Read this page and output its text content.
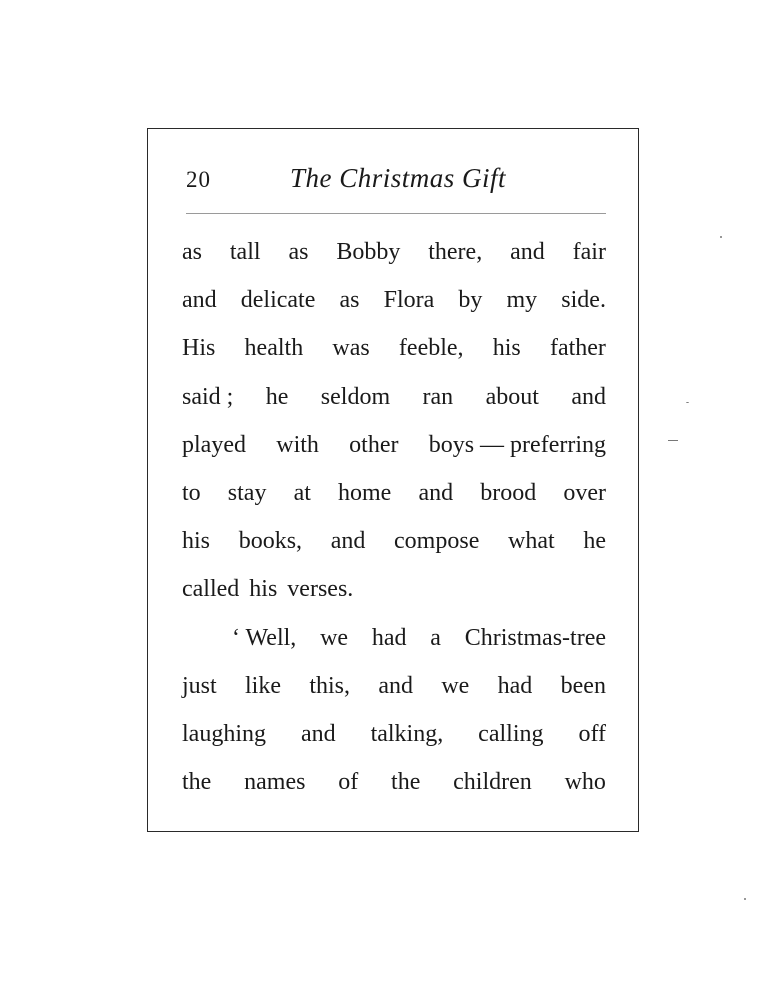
20	The Christmas Gift
as tall as Bobby there, and fair
and delicate as Flora by my side.
His health was feeble, his father
said ; he seldom ran about and
played with other boys — preferring
to stay at home and brood over
his books, and compose what he
called his verses.
‘ Well, we had a Christmas-tree
just like this, and we had been
laughing and talking, calling off
the names of the children who
